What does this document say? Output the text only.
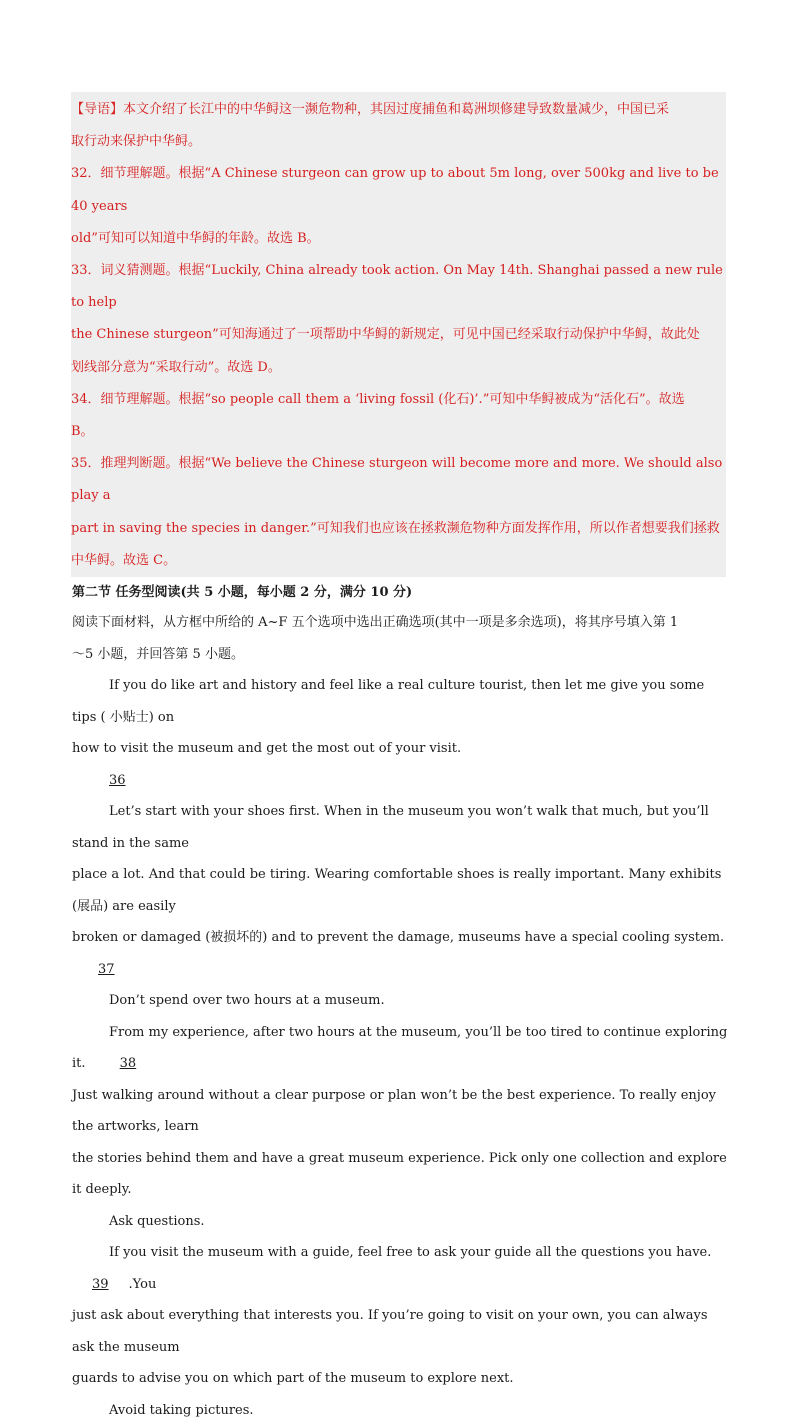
【导语】本文介绍了长江中的中华鲟这一濒危物种，其因过度捕鱼和葛洲坝修建导致数量减少，中国已采

取行动来保护中华鲟。

32．细节理解题。根据“A Chinese sturgeon can grow up to about 5m long, over 500kg and live to be 40 years

old”可知可以知道中华鲟的年龄。故选 B。

33．词义猜测题。根据“Luckily, China already took action. On May 14th. Shanghai passed a new rule to help

the Chinese sturgeon”可知海通过了一项帮助中华鲟的新规定，可见中国已经采取行动保护中华鲟，故此处

划线部分意为“采取行动”。故选 D。

34．细节理解题。根据“so people call them a ‘living fossil (化石)’.”可知中华鲟被成为“活化石”。故选

B。

35．推理判断题。根据“We believe the Chinese sturgeon will become more and more. We should also play a

part in saving the species in danger.”可知我们也应该在拯救濒危物种方面发挥作用，所以作者想要我们拯救

中华鲟。故选 C。

第二节 任务型阅读(共 5 小题，每小题 2 分，满分 10 分)

阅读下面材料，从方框中所给的 A~F 五个选项中选出正确选项(其中一项是多余选项)，将其序号填入第 1

～5 小题，并回答第 5 小题。

If you do like art and history and feel like a real culture tourist, then let me give you some tips ( 小贴士) on

how to visit the museum and get the most out of your visit.

36

Let’s start with your shoes first. When in the museum you won’t walk that much, but you’ll stand in the same

place a lot. And that could be tiring. Wearing comfortable shoes is really important. Many exhibits (展品) are easily

broken or damaged (被损坏的) and to prevent the damage, museums have a special cooling system. 37

Don’t spend over two hours at a museum.

From my experience, after two hours at the museum, you’ll be too tired to continue exploring it.	38

Just walking around without a clear purpose or plan won’t be the best experience. To really enjoy the artworks, learn

the stories behind them and have a great museum experience. Pick only one collection and explore it deeply.

Ask questions.

If you visit the museum with a guide, feel free to ask your guide all the questions you have. 39 .You

just ask about everything that interests you. If you’re going to visit on your own, you can always ask the museum

guards to advise you on which part of the museum to explore next.

Avoid taking pictures.
